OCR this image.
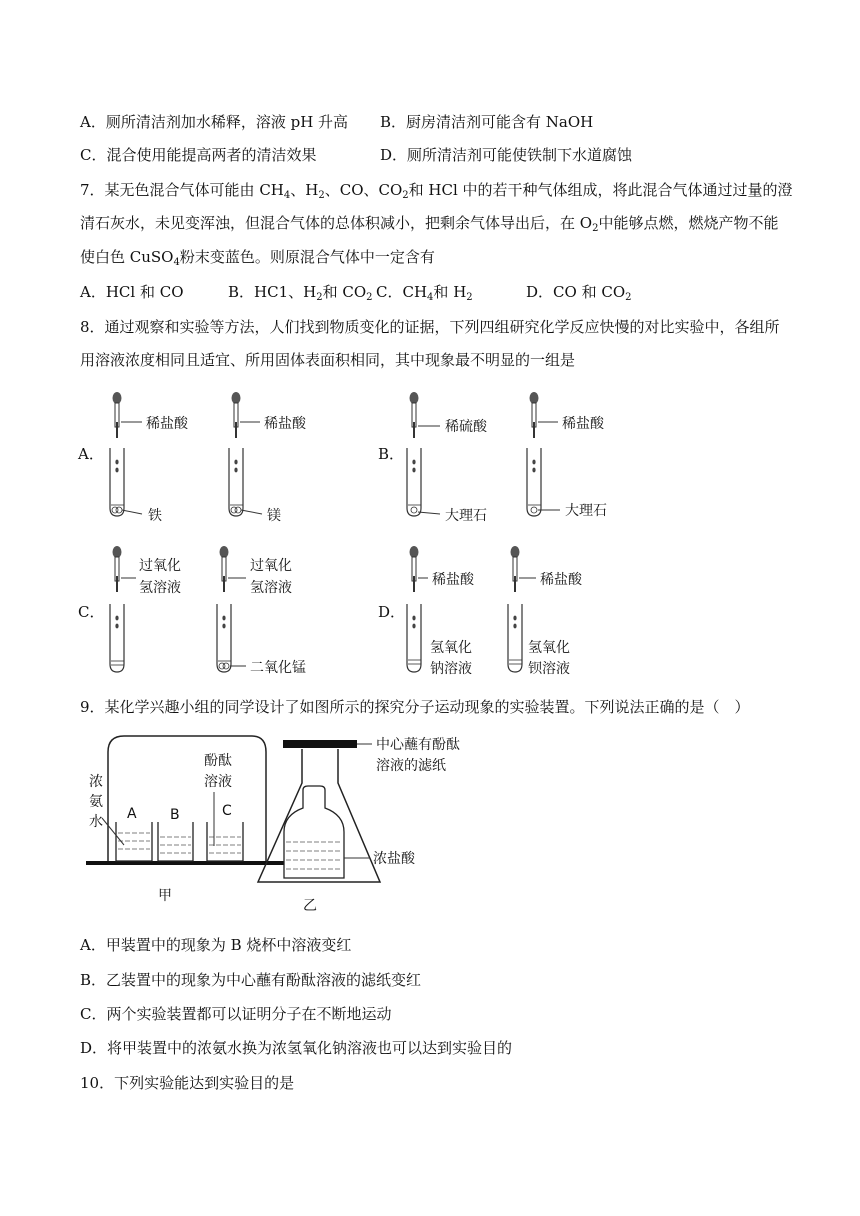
A．厕所清洁剂加水稀释，溶液 pH 升高 B．厨房清洁剂可能含有 NaOH
C．混合使用能提高两者的清洁效果	D．厕所清洁剂可能使铁制下水道腐蚀
7．某无色混合气体可能由 $CH_4$、$H_2$、CO、$CO_2$和 HCl 中的若干种气体组成，将此混合气体通过过量的澄
清石灰水，未见变浑浊，但混合气体的总体积减小，把剩余气体导出后，在 $O_2$中能够点燃，燃烧产物不能
使白色 CuSO$_4$粉末变蓝色。则原混合气体中一定含有
A．HCl 和 CO	B．HC1、$H_2$和 $CO_2$ C．$CH_4$和 $H_2$	D．CO 和 $CO_2$
8．通过观察和实验等方法，人们找到物质变化的证据，下列四组研究化学反应快慢的对比实验中，各组所
用溶液浓度相同且适宜、所用固体表面积相同，其中现象最不明显的一组是
A．	B．
C．	D．
稀盐酸
铁
稀盐酸
镁
稀硫酸
大理石
稀盐酸
大理石
过氧化
氢溶液
过氧化
氢溶液
二氧化锰
稀盐酸
氢氧化
钠溶液
稀盐酸
氢氧化
钡溶液
9．某化学兴趣小组的同学设计了如图所示的探究分子运动现象的实验装置。下列说法正确的是（　）
A B	C
浓
氨
水
酚酞
溶液
甲
中心蘸有酚酞
溶液的滤纸
浓盐酸
乙
A．甲装置中的现象为 B 烧杯中溶液变红
B．乙装置中的现象为中心蘸有酚酞溶液的滤纸变红
C．两个实验装置都可以证明分子在不断地运动
D．将甲装置中的浓氨水换为浓氢氧化钠溶液也可以达到实验目的
10．下列实验能达到实验目的是
